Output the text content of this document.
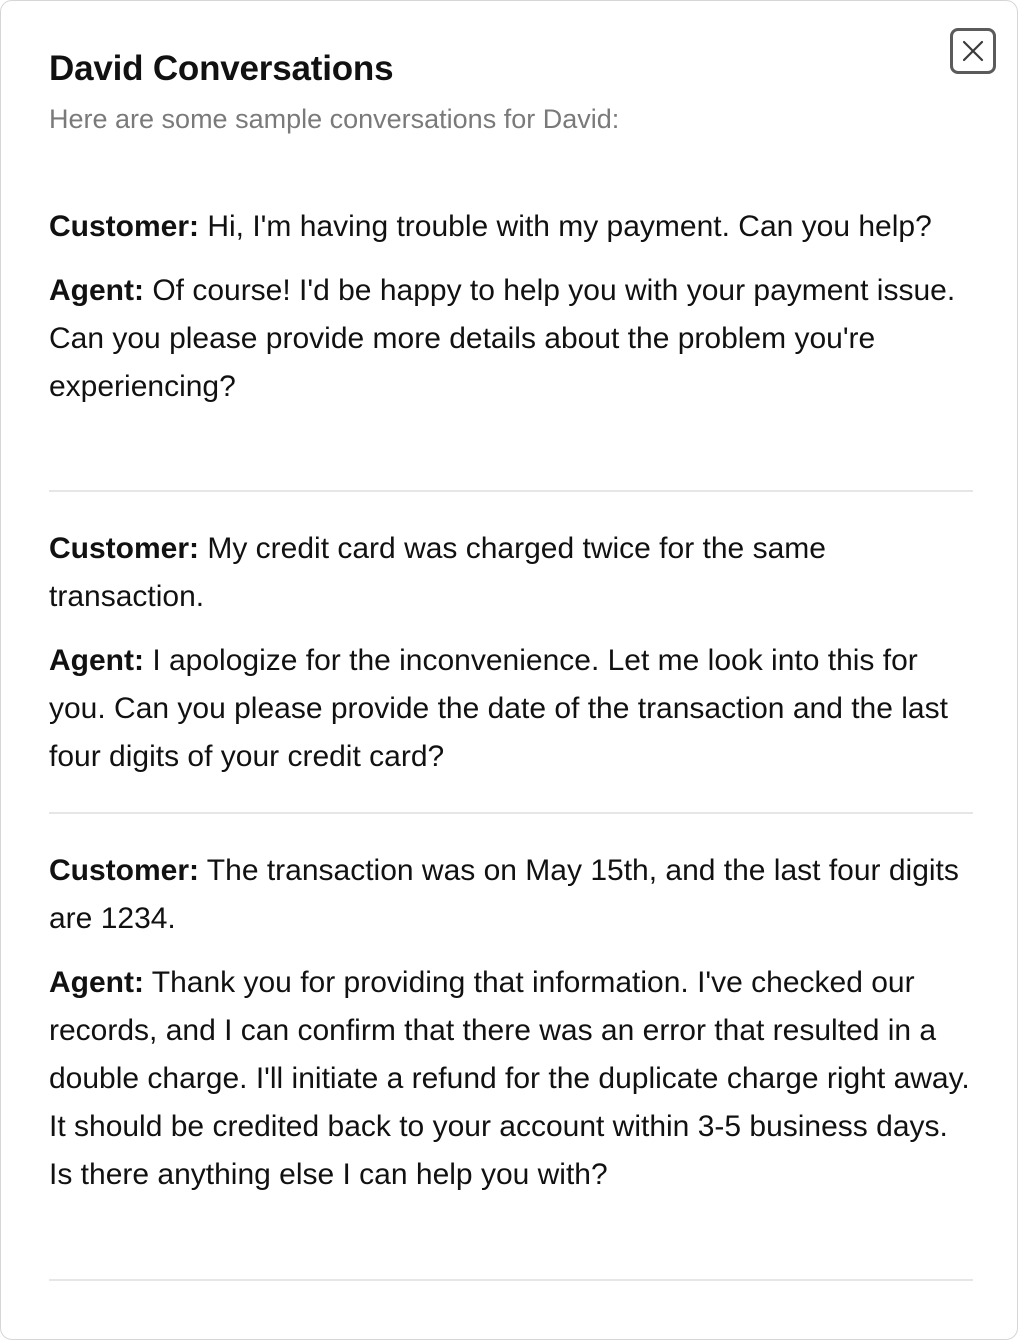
David Conversations

Here are some sample conversations for David:

Customer: Hi, I'm having trouble with my payment. Can you help?

Agent: Of course! I'd be happy to help you with your payment issue. Can you please provide more details about the problem you're experiencing?

Customer: My credit card was charged twice for the same transaction.

Agent: I apologize for the inconvenience. Let me look into this for you. Can you please provide the date of the transaction and the last four digits of your credit card?

Customer: The transaction was on May 15th, and the last four digits are 1234.

Agent: Thank you for providing that information. I've checked our records, and I can confirm that there was an error that resulted in a double charge. I'll initiate a refund for the duplicate charge right away. It should be credited back to your account within 3-5 business days. Is there anything else I can help you with?
